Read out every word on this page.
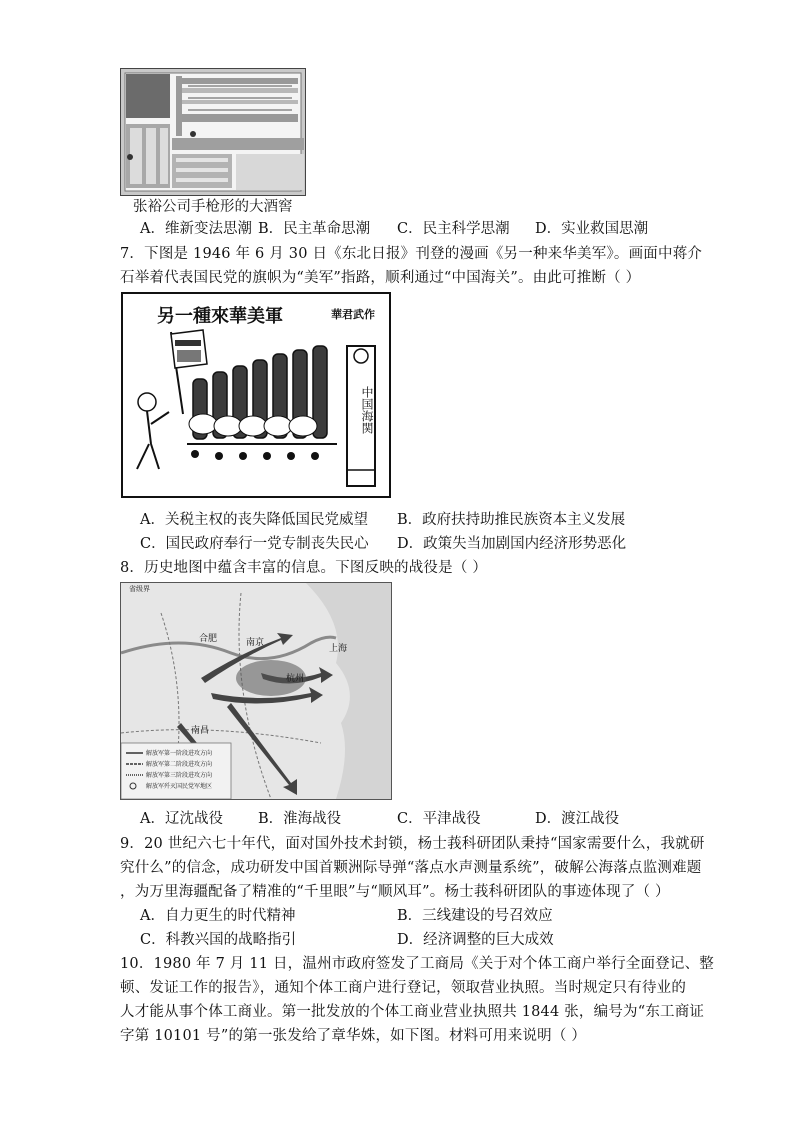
张裕公司手枪形的大酒窖
A．维新变法思潮 B．民主革命思潮 C．民主科学思潮 D．实业救国思潮
7．下图是 1946 年 6 月 30 日《东北日报》刊登的漫画《另一种来华美军》。画面中蒋介
石举着代表国民党的旗帜为“美军”指路，顺利通过“中国海关”。由此可推断（ ）
另一種來華美軍	華君武作
中国海関
A．关税主权的丧失降低国民党威望 B．政府扶持助推民族资本主义发展
C．国民政府奉行一党专制丧失民心 D．政策失当加剧国内经济形势恶化
8．历史地图中蕴含丰富的信息。下图反映的战役是（ ）
省级界
解放军第一阶段进攻方向
解放军第二阶段进攻方向
解放军第三阶段进攻方向
解放军歼灭国民党军地区
南京
合肥
上海
杭州
南昌
A．辽沈战役 B．淮海战役	C．平津战役	D．渡江战役
9．20 世纪六七十年代，面对国外技术封锁，杨士莪科研团队秉持“国家需要什么，我就研
究什么”的信念，成功研发中国首颗洲际导弹“落点水声测量系统”，破解公海落点监测难题
，为万里海疆配备了精准的“千里眼”与“顺风耳”。杨士莪科研团队的事迹体现了（ ）
A．自力更生的时代精神	B．三线建设的号召效应
C．科教兴国的战略指引	D．经济调整的巨大成效
10．1980 年 7 月 11 日，温州市政府签发了工商局《关于对个体工商户举行全面登记、整
顿、发证工作的报告》，通知个体工商户进行登记，领取营业执照。当时规定只有待业的
人才能从事个体工商业。第一批发放的个体工商业营业执照共 1844 张，编号为“东工商证
字第 10101 号”的第一张发给了章华姝，如下图。材料可用来说明（ ）
